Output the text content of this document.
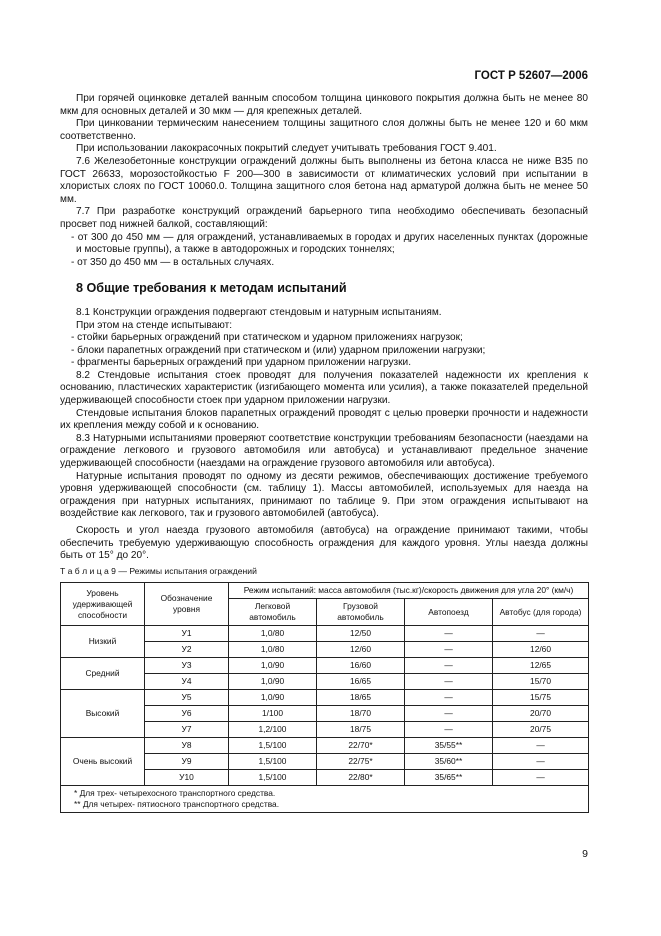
ГОСТ Р 52607—2006

При горячей оцинковке деталей ванным способом толщина цинкового покрытия должна быть не менее 80 мкм для основных деталей и 30 мкм — для крепежных деталей.

При цинковании термическим нанесением толщины защитного слоя должны быть не менее 120 и 60 мкм соответственно.

При использовании лакокрасочных покрытий следует учитывать требования ГОСТ 9.401.

7.6 Железобетонные конструкции ограждений должны быть выполнены из бетона класса не ниже В35 по ГОСТ 26633, морозостойкостью F 200—300 в зависимости от климатических условий при испытании в хлористых слоях по ГОСТ 10060.0. Толщина защитного слоя бетона над арматурой должна быть не менее 50 мм.

7.7 При разработке конструкций ограждений барьерного типа необходимо обеспечивать безопасный просвет под нижней балкой, составляющий:

- от 300 до 450 мм — для ограждений, устанавливаемых в городах и других населенных пунктах (дорожные и мостовые группы), а также в автодорожных и городских тоннелях;

- от 350 до 450 мм — в остальных случаях.

8 Общие требования к методам испытаний

8.1 Конструкции ограждения подвергают стендовым и натурным испытаниям.

При этом на стенде испытывают:

- стойки барьерных ограждений при статическом и ударном приложениях нагрузок;

- блоки парапетных ограждений при статическом и (или) ударном приложении нагрузки;

- фрагменты барьерных ограждений при ударном приложении нагрузки.

8.2 Стендовые испытания стоек проводят для получения показателей надежности их крепления к основанию, пластических характеристик (изгибающего момента или усилия), а также показателей предельной удерживающей способности стоек при ударном приложении нагрузки.

Стендовые испытания блоков парапетных ограждений проводят с целью проверки прочности и надежности их крепления между собой и к основанию.

8.3 Натурными испытаниями проверяют соответствие конструкции требованиям безопасности (наездами на ограждение легкового и грузового автомобиля или автобуса) и устанавливают предельное значение удерживающей способности (наездами на ограждение грузового автомобиля или автобуса).

Натурные испытания проводят по одному из десяти режимов, обеспечивающих достижение требуемого уровня удерживающей способности (см. таблицу 1). Массы автомобилей, используемых для наезда на ограждения при натурных испытаниях, принимают по таблице 9. При этом ограждения испытывают на воздействие как легкового, так и грузового автомобилей (автобуса).

Скорость и угол наезда грузового автомобиля (автобуса) на ограждение принимают такими, чтобы обеспечить требуемую удерживающую способность ограждения для каждого уровня. Углы наезда должны быть от 15° до 20°.

Т а б л и ц а 9 — Режимы испытания ограждений
Уровень удерживающей способности	Обозначение уровня	Режим испытаний: масса автомобиля (тыс.кг)/скорость движения для угла 20° (км/ч)			
		Легковой автомобиль	Грузовой автомобиль	Автопоезд	Автобус (для города)
Низкий	У1	1,0/80	12/50	—	—
	У2	1,0/80	12/60	—	12/60
Средний	У3	1,0/90	16/60	—	12/65
	У4	1,0/90	16/65	—	15/70
Высокий	У5	1,0/90	18/65	—	15/75
	У6	1/100	18/70	—	20/70
	У7	1,2/100	18/75	—	20/75
Очень высокий	У8	1,5/100	22/70*	35/55**	—
	У9	1,5/100	22/75*	35/60**	—
	У10	1,5/100	22/80*	35/65**	—

* Для трех- четырехосного транспортного средства.
** Для четырех- пятиосного транспортного средства.					
9
